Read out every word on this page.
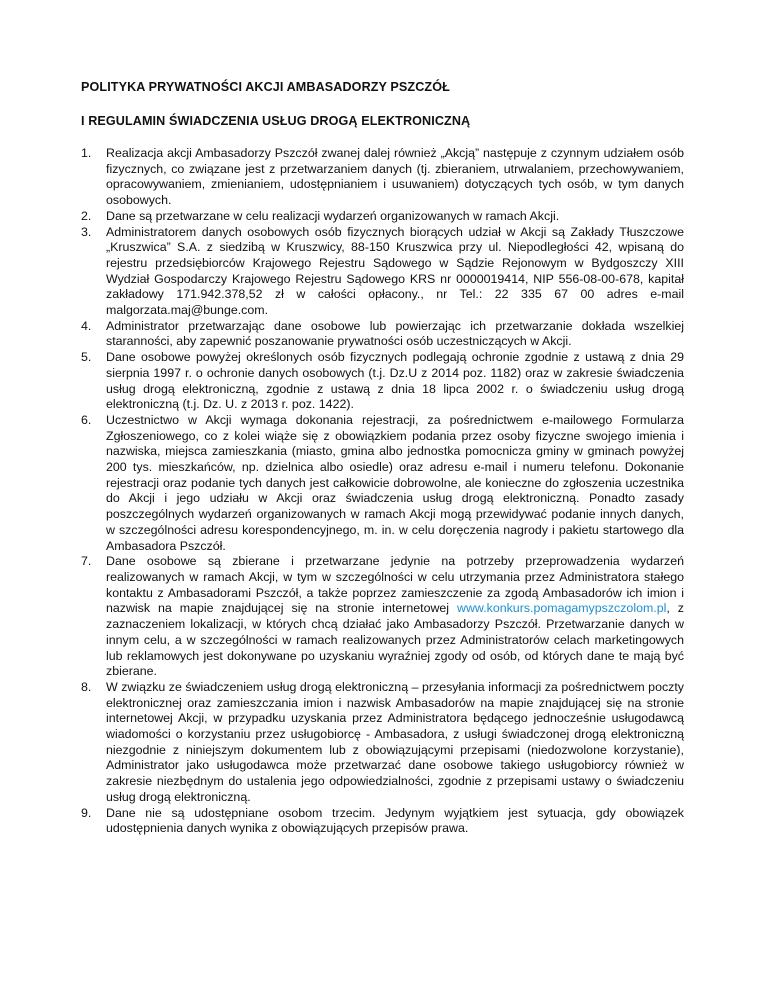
POLITYKA PRYWATNOŚCI AKCJI AMBASADORZY PSZCZÓŁ
I REGULAMIN ŚWIADCZENIA USŁUG DROGĄ ELEKTRONICZNĄ
1.	Realizacja akcji Ambasadorzy Pszczół zwanej dalej również „Akcją” następuje z czynnym udziałem osób fizycznych, co związane jest z przetwarzaniem danych (tj. zbieraniem, utrwalaniem, przechowywaniem, opracowywaniem, zmienianiem, udostępnianiem i usuwaniem) dotyczących tych osób, w tym danych osobowych.
2.	Dane są przetwarzane w celu realizacji wydarzeń organizowanych w ramach Akcji.
3.	Administratorem danych osobowych osób fizycznych biorących udział w Akcji są Zakłady Tłuszczowe „Kruszwica” S.A. z siedzibą w Kruszwicy, 88-150 Kruszwica przy ul. Niepodległości 42, wpisaną do rejestru przedsiębiorców Krajowego Rejestru Sądowego w Sądzie Rejonowym w Bydgoszczy XIII Wydział Gospodarczy Krajowego Rejestru Sądowego KRS nr 0000019414, NIP 556-08-00-678, kapitał zakładowy 171.942.378,52 zł w całości opłacony., nr Tel.: 22 335 67 00 adres e-mail malgorzata.maj@bunge.com.
4.	Administrator przetwarzając dane osobowe lub powierzając ich przetwarzanie dokłada wszelkiej staranności, aby zapewnić poszanowanie prywatności osób uczestniczących w Akcji.
5.	Dane osobowe powyżej określonych osób fizycznych podlegają ochronie zgodnie z ustawą z dnia 29 sierpnia 1997 r. o ochronie danych osobowych (t.j. Dz.U z 2014 poz. 1182) oraz w zakresie świadczenia usług drogą elektroniczną, zgodnie z ustawą z dnia 18 lipca 2002 r. o świadczeniu usług drogą elektroniczną (t.j. Dz. U. z 2013 r. poz. 1422).
6.	Uczestnictwo w Akcji wymaga dokonania rejestracji, za pośrednictwem e-mailowego Formularza Zgłoszeniowego, co z kolei wiąże się z obowiązkiem podania przez osoby fizyczne swojego imienia i nazwiska, miejsca zamieszkania (miasto, gmina albo jednostka pomocnicza gminy w gminach powyżej 200 tys. mieszkańców, np. dzielnica albo osiedle) oraz adresu e-mail i numeru telefonu. Dokonanie rejestracji oraz podanie tych danych jest całkowicie dobrowolne, ale konieczne do zgłoszenia uczestnika do Akcji i jego udziału w Akcji oraz świadczenia usług drogą elektroniczną. Ponadto zasady poszczególnych wydarzeń organizowanych w ramach Akcji mogą przewidywać podanie innych danych, w szczególności adresu korespondencyjnego, m. in. w celu doręczenia nagrody i pakietu startowego dla Ambasadora Pszczół.
7.	Dane osobowe są zbierane i przetwarzane jedynie na potrzeby przeprowadzenia wydarzeń realizowanych w ramach Akcji, w tym w szczególności w celu utrzymania przez Administratora stałego kontaktu z Ambasadorami Pszczół, a także poprzez zamieszczenie za zgodą Ambasadorów ich imion i nazwisk na mapie znajdującej się na stronie internetowej www.konkurs.pomagamypszczolom.pl, z zaznaczeniem lokalizacji, w których chcą działać jako Ambasadorzy Pszczół. Przetwarzanie danych w innym celu, a w szczególności w ramach realizowanych przez Administratorów celach marketingowych lub reklamowych jest dokonywane po uzyskaniu wyraźniej zgody od osób, od których dane te mają być zbierane.
8.	W związku ze świadczeniem usług drogą elektroniczną – przesyłania informacji za pośrednictwem poczty elektronicznej oraz zamieszczania imion i nazwisk Ambasadorów na mapie znajdującej się na stronie internetowej Akcji, w przypadku uzyskania przez Administratora będącego jednocześnie usługodawcą wiadomości o korzystaniu przez usługobiorcę - Ambasadora, z usługi świadczonej drogą elektroniczną niezgodnie z niniejszym dokumentem lub z obowiązującymi przepisami (niedozwolone korzystanie), Administrator jako usługodawca może przetwarzać dane osobowe takiego usługobiorcy również w zakresie niezbędnym do ustalenia jego odpowiedzialności, zgodnie z przepisami ustawy o świadczeniu usług drogą elektroniczną.
9.	Dane nie są udostępniane osobom trzecim. Jedynym wyjątkiem jest sytuacja, gdy obowiązek udostępnienia danych wynika z obowiązujących przepisów prawa.
